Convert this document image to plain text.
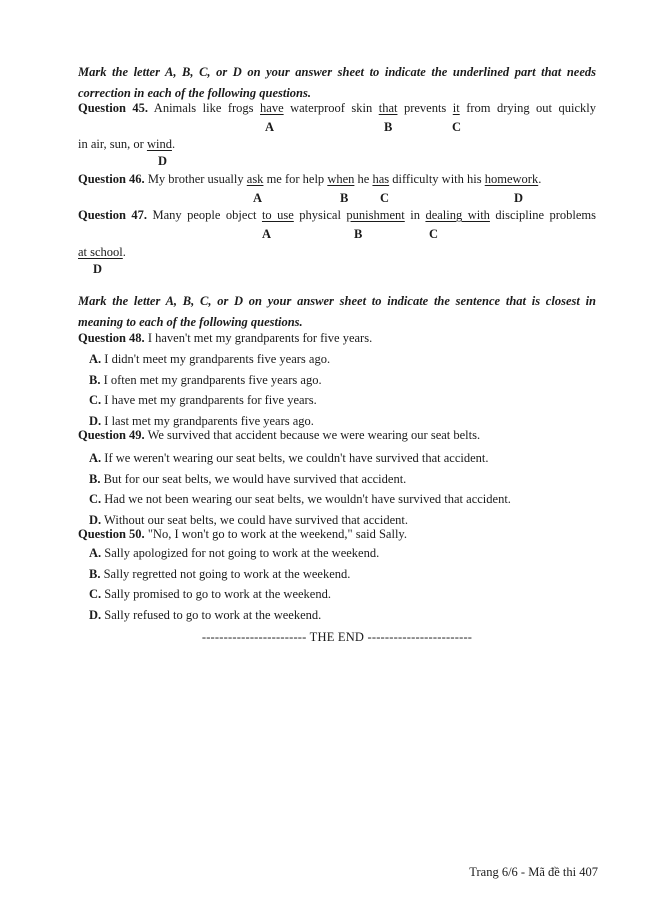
Mark the letter A, B, C, or D on your answer sheet to indicate the underlined part that needs
correction in each of the following questions.
Question 45. Animals like frogs have waterproof skin that prevents it from drying out quickly
A	B	C
in air, sun, or wind.
D
Question 46. My brother usually ask me for help when he has difficulty with his homework.
A	B	C	D
Question 47. Many people object to use physical punishment in dealing with discipline problems
A	B	C
at school.
D
Mark the letter A, B, C, or D on your answer sheet to indicate the sentence that is closest in
meaning to each of the following questions.
Question 48. I haven't met my grandparents for five years.
A. I didn't meet my grandparents five years ago.
B. I often met my grandparents five years ago.
C. I have met my grandparents for five years.
D. I last met my grandparents five years ago.
Question 49. We survived that accident because we were wearing our seat belts.
A. If we weren't wearing our seat belts, we couldn't have survived that accident.
B. But for our seat belts, we would have survived that accident.
C. Had we not been wearing our seat belts, we wouldn't have survived that accident.
D. Without our seat belts, we could have survived that accident.
Question 50. "No, I won't go to work at the weekend," said Sally.
A. Sally apologized for not going to work at the weekend.
B. Sally regretted not going to work at the weekend.
C. Sally promised to go to work at the weekend.
D. Sally refused to go to work at the weekend.
------------------------ THE END ------------------------
Trang 6/6 - Mã đề thi 407
